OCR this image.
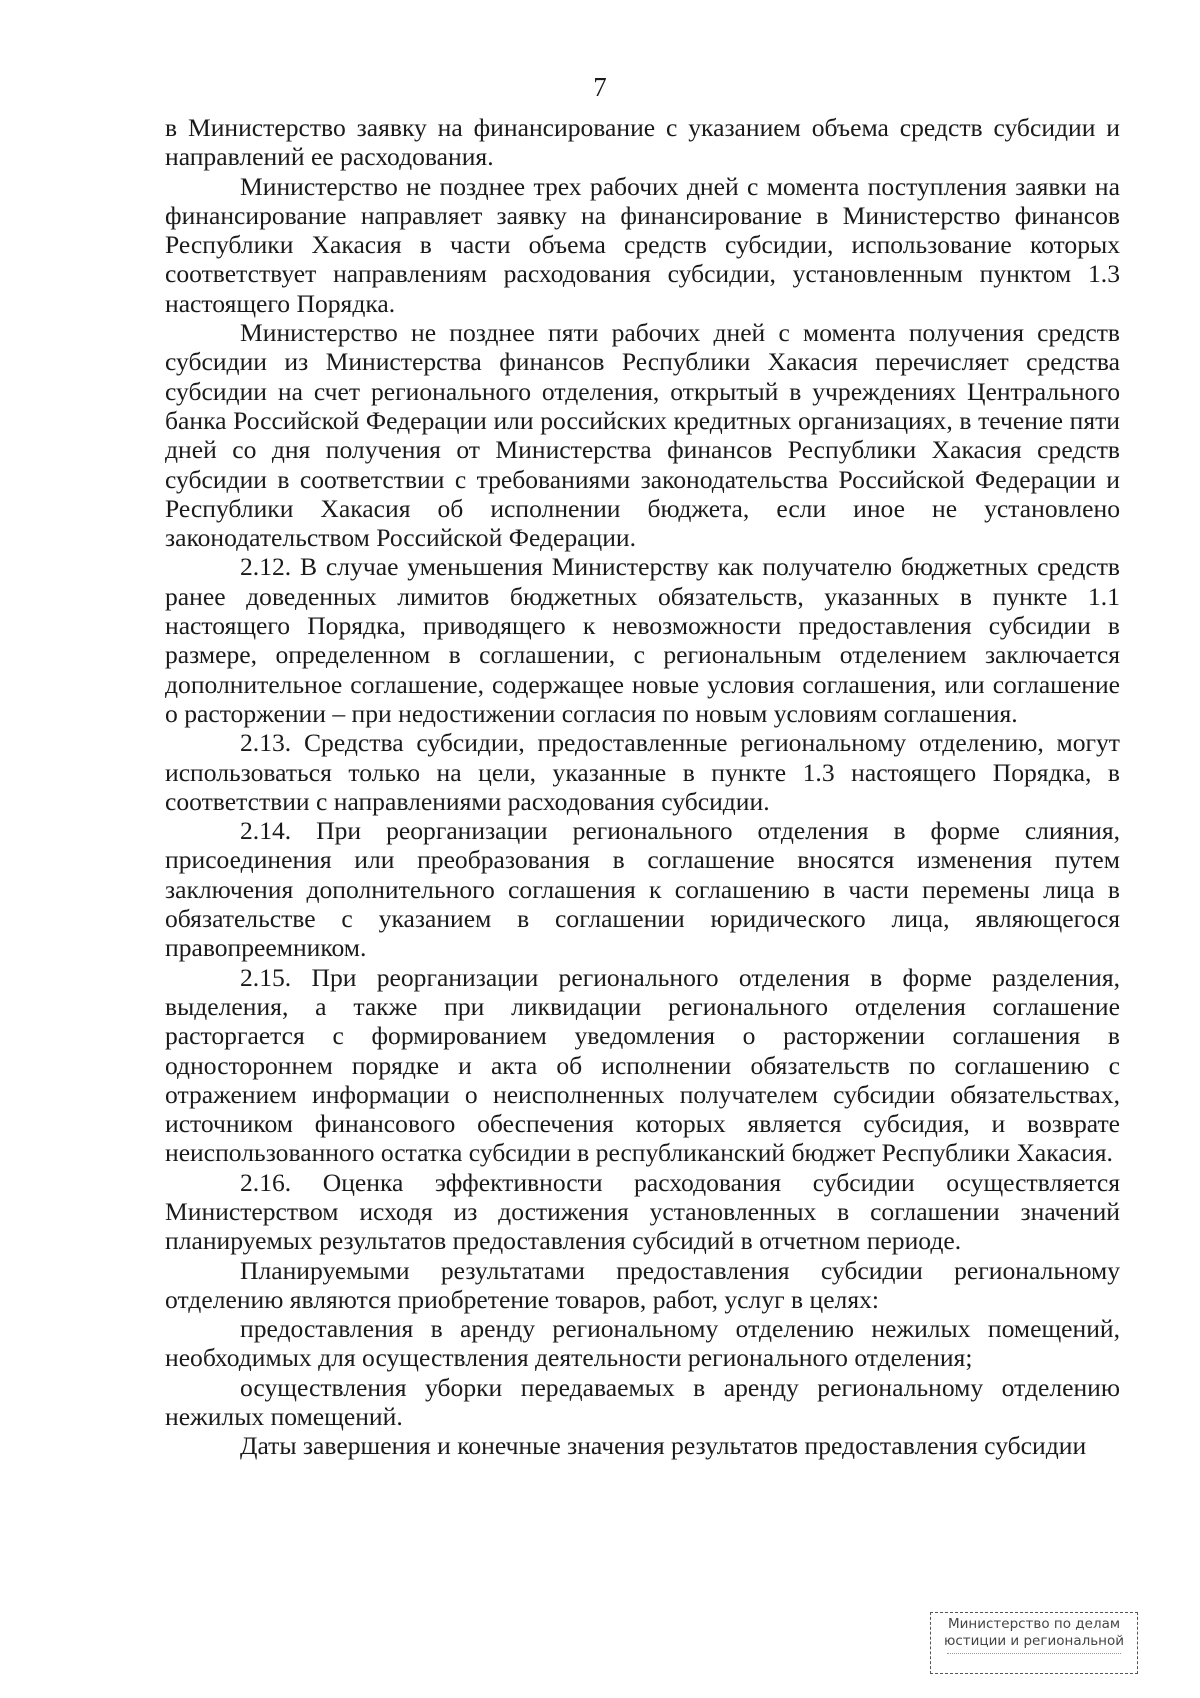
7

в Министерство заявку на финансирование с указанием объема средств субсидии и направлений ее расходования.

Министерство не позднее трех рабочих дней с момента поступления заявки на финансирование направляет заявку на финансирование в Министерство финансов Республики Хакасия в части объема средств субсидии, использование которых соответствует направлениям расходования субсидии, установленным пунктом 1.3 настоящего Порядка.

Министерство не позднее пяти рабочих дней с момента получения средств субсидии из Министерства финансов Республики Хакасия перечисляет средства субсидии на счет регионального отделения, открытый в учреждениях Центрального банка Российской Федерации или российских кредитных организациях, в течение пяти дней со дня получения от Министерства финансов Республики Хакасия средств субсидии в соответствии с требованиями законодательства Российской Федерации и Республики Хакасия об исполнении бюджета, если иное не установлено законодательством Российской Федерации.

2.12. В случае уменьшения Министерству как получателю бюджетных средств ранее доведенных лимитов бюджетных обязательств, указанных в пункте 1.1 настоящего Порядка, приводящего к невозможности предоставления субсидии в размере, определенном в соглашении, с региональным отделением заключается дополнительное соглашение, содержащее новые условия соглашения, или соглашение о расторжении – при недостижении согласия по новым условиям соглашения.

2.13. Средства субсидии, предоставленные региональному отделению, могут использоваться только на цели, указанные в пункте 1.3 настоящего Порядка, в соответствии с направлениями расходования субсидии.

2.14. При реорганизации регионального отделения в форме слияния, присоединения или преобразования в соглашение вносятся изменения путем заключения дополнительного соглашения к соглашению в части перемены лица в обязательстве с указанием в соглашении юридического лица, являющегося правопреемником.

2.15. При реорганизации регионального отделения в форме разделения, выделения, а также при ликвидации регионального отделения соглашение расторгается с формированием уведомления о расторжении соглашения в одностороннем порядке и акта об исполнении обязательств по соглашению с отражением информации о неисполненных получателем субсидии обязательствах, источником финансового обеспечения которых является субсидия, и возврате неиспользованного остатка субсидии в республиканский бюджет Республики Хакасия.

2.16. Оценка эффективности расходования субсидии осуществляется Министерством исходя из достижения установленных в соглашении значений планируемых результатов предоставления субсидий в отчетном периоде.

Планируемыми результатами предоставления субсидии региональному отделению являются приобретение товаров, работ, услуг в целях:

предоставления в аренду региональному отделению нежилых помещений, необходимых для осуществления деятельности регионального отделения;

осуществления уборки передаваемых в аренду региональному отделению нежилых помещений.

Даты завершения и конечные значения результатов предоставления субсидии

Министерство по делам
юстиции и региональной
